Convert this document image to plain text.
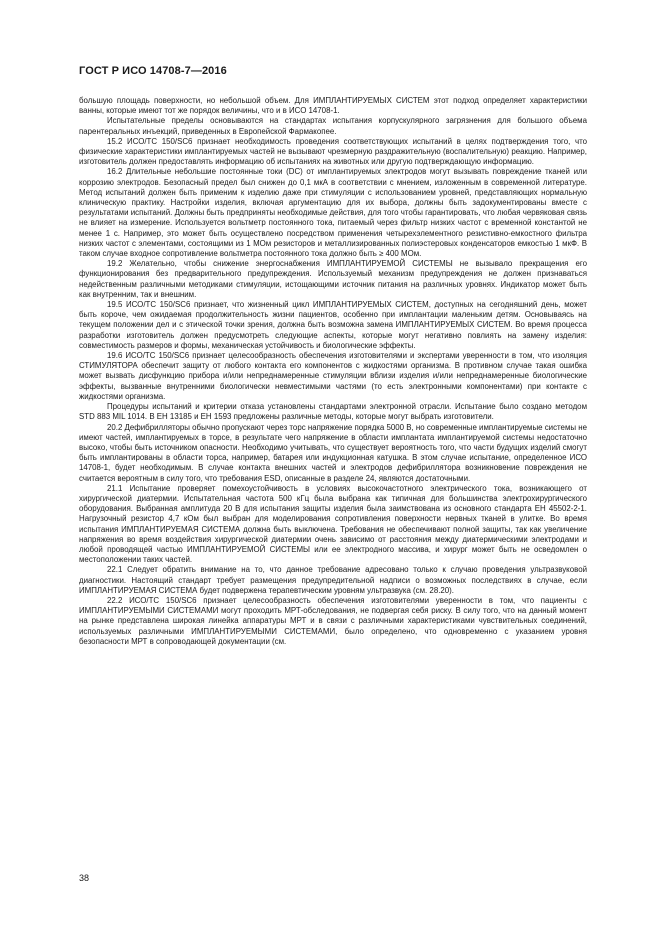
ГОСТ Р ИСО 14708-7—2016

большую площадь поверхности, но небольшой объем. Для ИМПЛАНТИРУЕМЫХ СИСТЕМ этот подход определяет характеристики ванны, которые имеют тот же порядок величины, что и в ИСО 14708-1.

Испытательные пределы основываются на стандартах испытания корпускулярного загрязнения для большого объема парентеральных инъекций, приведенных в Европейской Фармакопее.

15.2 ИСО/ТС 150/SC6 признает необходимость проведения соответствующих испытаний в целях подтверждения того, что физические характеристики имплантируемых частей не вызывают чрезмерную раздражительную (воспалительную) реакцию. Например, изготовитель должен предоставлять информацию об испытаниях на животных или другую подтверждающую информацию.

16.2 Длительные небольшие постоянные токи (DC) от имплантируемых электродов могут вызывать повреждение тканей или коррозию электродов. Безопасный предел был снижен до 0,1 мкА в соответствии с мнением, изложенным в современной литературе. Метод испытаний должен быть применим к изделию даже при стимуляции с использованием уровней, представляющих нормальную клиническую практику. Настройки изделия, включая аргументацию для их выбора, должны быть задокументированы вместе с результатами испытаний. Должны быть предприняты необходимые действия, для того чтобы гарантировать, что любая червяковая связь не влияет на измерение. Используется вольтметр постоянного тока, питаемый через фильтр низких частот с временной константой не менее 1 с. Например, это может быть осуществлено посредством применения четырехэлементного резистивно-емкостного фильтра низких частот с элементами, состоящими из 1 МОм резисторов и металлизированных полиэстеровых конденсаторов емкостью 1 мкФ. В таком случае входное сопротивление вольтметра постоянного тока должно быть ≥ 400 МОм.

19.2 Желательно, чтобы снижение энергоснабжения ИМПЛАНТИРУЕМОЙ СИСТЕМЫ не вызывало прекращения его функционирования без предварительного предупреждения. Используемый механизм предупреждения не должен признаваться недейственным различными методиками стимуляции, истощающими источник питания на различных уровнях. Индикатор может быть как внутренним, так и внешним.

19.5 ИСО/ТС 150/SC6 признает, что жизненный цикл ИМПЛАНТИРУЕМЫХ СИСТЕМ, доступных на сегодняшний день, может быть короче, чем ожидаемая продолжительность жизни пациентов, особенно при имплантации маленьким детям. Основываясь на текущем положении дел и с этической точки зрения, должна быть возможна замена ИМПЛАНТИРУЕМЫХ СИСТЕМ. Во время процесса разработки изготовитель должен предусмотреть следующие аспекты, которые могут негативно повлиять на замену изделия: совместимость размеров и формы, механическая устойчивость и биологические эффекты.

19.6 ИСО/ТС 150/SC6 признает целесообразность обеспечения изготовителями и экспертами уверенности в том, что изоляция СТИМУЛЯТОРА обеспечит защиту от любого контакта его компонентов с жидкостями организма. В противном случае такая ошибка может вызвать дисфункцию прибора и/или непреднамеренные стимуляции вблизи изделия и/или непреднамеренные биологические эффекты, вызванные внутренними биологически невместимыми частями (то есть электронными компонентами) при контакте с жидкостями организма.

Процедуры испытаний и критерии отказа установлены стандартами электронной отрасли. Испытание было создано методом STD 883 MIL 1014. В ЕН 13185 и ЕН 1593 предложены различные методы, которые могут выбрать изготовители.

20.2 Дефибрилляторы обычно пропускают через торс напряжение порядка 5000 В, но современные имплантируемые системы не имеют частей, имплантируемых в торсе, в результате чего напряжение в области имплантата имплантируемой системы недостаточно высоко, чтобы быть источником опасности. Необходимо учитывать, что существует вероятность того, что части будущих изделий смогут быть имплантированы в области торса, например, батарея или индукционная катушка. В этом случае испытание, определенное ИСО 14708-1, будет необходимым. В случае контакта внешних частей и электродов дефибриллятора возникновение повреждения не считается вероятным в силу того, что требования ESD, описанные в разделе 24, являются достаточными.

21.1 Испытание проверяет помехоустойчивость в условиях высокочастотного электрического тока, возникающего от хирургической диатермии. Испытательная частота 500 кГц была выбрана как типичная для большинства электрохирургического оборудования. Выбранная амплитуда 20 В для испытания защиты изделия была заимствована из основного стандарта ЕН 45502-2-1. Нагрузочный резистор 4,7 кОм был выбран для моделирования сопротивления поверхности нервных тканей в улитке. Во время испытания ИМПЛАНТИРУЕМАЯ СИСТЕМА должна быть выключена. Требования не обеспечивают полной защиты, так как увеличение напряжения во время воздействия хирургической диатермии очень зависимо от расстояния между диатермическими электродами и любой проводящей частью ИМПЛАНТИРУЕМОЙ СИСТЕМЫ или ее электродного массива, и хирург может быть не осведомлен о местоположении таких частей.

22.1 Следует обратить внимание на то, что данное требование адресовано только к случаю проведения ультразвуковой диагностики. Настоящий стандарт требует размещения предупредительной надписи о возможных последствиях в случае, если ИМПЛАНТИРУЕМАЯ СИСТЕМА будет подвержена терапевтическим уровням ультразвука (см. 28.20).

22.2 ИСО/ТС 150/SC6 признает целесообразность обеспечения изготовителями уверенности в том, что пациенты с ИМПЛАНТИРУЕМЫМИ СИСТЕМАМИ могут проходить МРТ-обследования, не подвергая себя риску. В силу того, что на данный момент на рынке представлена широкая линейка аппаратуры МРТ и в связи с различными характеристиками чувствительных соединений, используемых различными ИМПЛАНТИРУЕМЫМИ СИСТЕМАМИ, было определено, что одновременно с указанием уровня безопасности МРТ в сопроводающей документации (см.

38
